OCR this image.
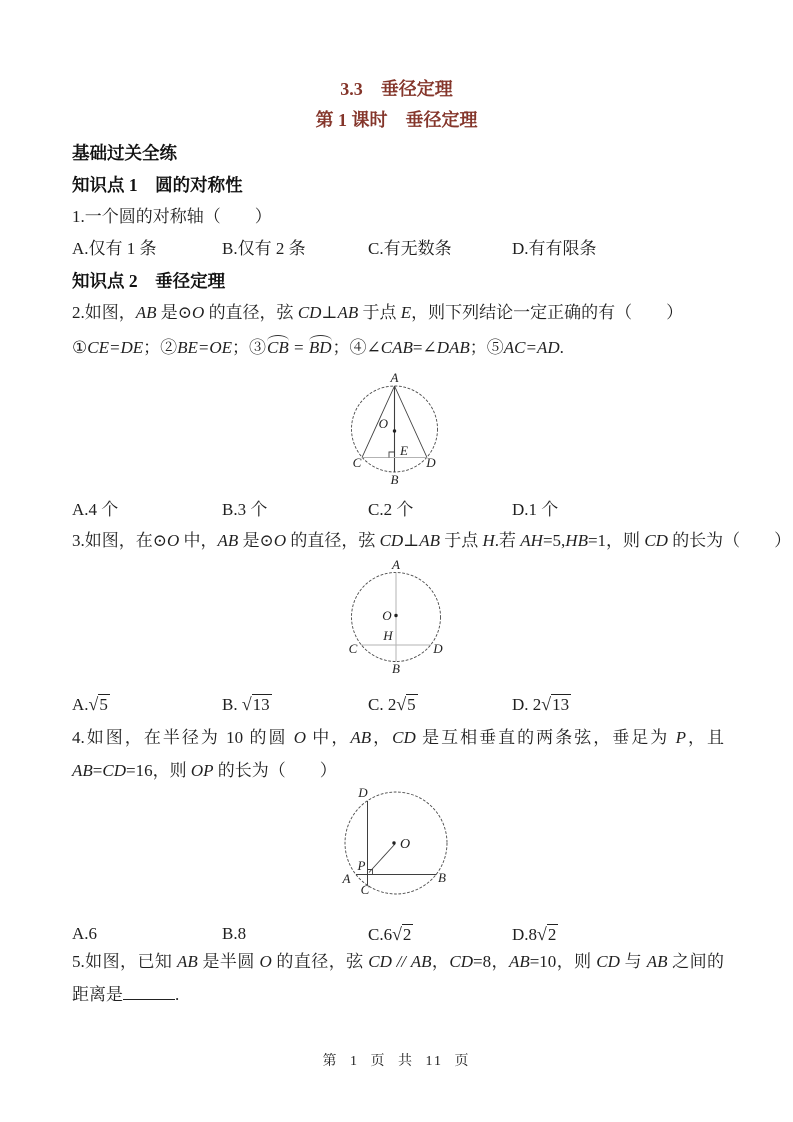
3.3　垂径定理
第 1 课时　垂径定理
基础过关全练
知识点 1　圆的对称性
1.一个圆的对称轴（　　）
A.仅有 1 条	B.仅有 2 条	C.有无数条	D.有有限条
知识点 2　垂径定理
2.如图，AB 是⊙O 的直径，弦 CD⊥AB 于点 E，则下列结论一定正确的有（　　）
①CE=DE；②BE=OE；③CB = BD；④∠CAB=∠DAB；⑤AC=AD.
A
O
E
C	D
B
A.4 个	B.3 个	C.2 个	D.1 个
3.如图，在⊙O 中，AB 是⊙O 的直径，弦 CD⊥AB 于点 H.若 AH=5,HB=1，则 CD 的长为（　　）
A
O
H
C	D
B
A.√5	B. √13	C. 2√5	D. 2√13
4.如图，在半径为 10 的圆 O 中，AB，CD 是互相垂直的两条弦，垂足为 P，且 AB=CD=16，则 OP 的长为（　　）
D
O
P
A	B
C
A.6	B.8	C.6√2	D.8√2
5.如图，已知 AB 是半圆 O 的直径，弦 CD // AB，CD=8，AB=10，则 CD 与 AB 之间的距离是	.
第 1 页 共 11 页
